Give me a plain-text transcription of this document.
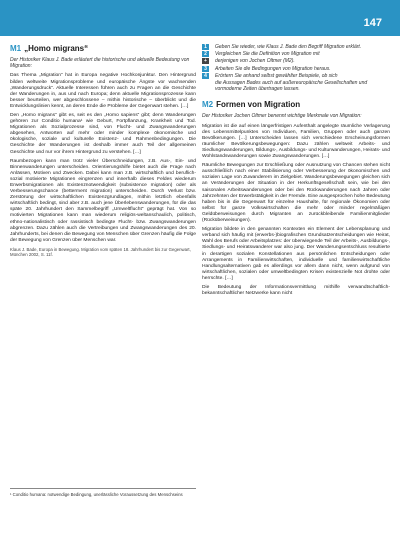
147
M1 „Homo migrans“

Der Historiker Klaus J. Bade erläutert die historische und aktuelle Bedeutung von Migration:

Das Thema „Migration“ hat in Europa negative Hochkonjunktur. Den Hintergrund bilden weltweite Migrationsprobleme und europäische Ängste vor wachsenden „Wanderungsdruck“. Aktuelle Interessen führen auch zu Fragen an die Geschichte der Wanderungen in, aus und nach Europa; denn aktuelle Migrationsprozesse kann besser beurteilen, wer abgeschlossene – mithin historische – überblickt und die Entwicklungslinien kennt, an deren Ende die Probleme der Gegenwart stehen. […]

Den „Homo migrans“ gibt es, seit es den „Homo sapiens“ gibt; denn Wanderungen gehören zur Conditio humana¹ wie Geburt, Fortpflanzung, Krankheit und Tod. Migrationen als Sozialprozesse sind, von Flucht- und Zwangswanderungen abgesehen, Antworten auf mehr oder minder komplexe ökonomische und ökologische, soziale und kulturelle Existenz- und Rahmenbedingungen. Die Geschichte der Wanderungen ist deshalb immer auch Teil der allgemeinen Geschichte und nur vor ihrem Hintergrund zu verstehen. […]

Raumbezogen kann man trotz vieler Überschneidungen, z.B. Aus-, Ein- und Binnenwanderungen unterscheiden. Orientierungshilfe bietet auch die Frage nach Anlässen, Motiven und Zwecken. Dabei kann man z.B. wirtschaftlich und beruflich-sozial motivierte Migrationen eingrenzen und innerhalb dieses Feldes wiederum Erwerbsmigrationen als Existenznotwendigkeit (subsistence migration) oder als Verbesserungschance (betterment migration) unterscheiden. Durch Verlust bzw. Zerstörung der wirtschaftlichen Existenzgrundlagen, mithin letztlich ebenfalls wirtschaftlich bedingt, sind aber z.B. auch jene Überlebenswanderungen, für die das späte 20. Jahrhundert den Sammelbegriff „Umweltflucht“ geprägt hat. Von so motivierten Migrationen kann man wiederum religiös-weltanschaulich, politisch, ethno-nationalistisch oder rassistisch bedingte Flucht- bzw. Zwangswanderungen abgrenzen. Dazu zählen auch die Vertreibungen und Zwangswanderungen des 20. Jahrhunderts, bei denen die Bewegung von Menschen über Grenzen häufig die Folge der Bewegung von Grenzen über Menschen war.

Klaus J. Bade, Europa in Bewegung. Migration vom späten 18. Jahrhundert bis zur Gegenwart, München 2002, S. 11f.

¹ Conditio humana: notwendige Bedingung, unerlässliche Voraussetzung des Menschseins
1	Geben Sie wieder, wie Klaus J. Bade den Begriff Migration erklärt.
2	Vergleichen Sie die Definition von Migration mit
+	derjenigen von Jochen Oltmer (M2).
3	Arbeiten Sie die Bedingungen von Migration heraus.
4	Erörtern Sie anhand selbst gewählter Beispiele, ob sich
die Aussagen Bades auch auf außereuropäische Gesellschaften und vormoderne Zeiten übertragen lassen.
M2 Formen von Migration

Der Historiker Jochen Oltmer benennt wichtige Merkmale von Migration:

Migration ist die auf einen längerfristigen Aufenthalt angelegte räumliche Verlagerung des Lebensmittelpunktes von Individuen, Familien, Gruppen oder auch ganzen Bevölkerungen. […] Unterscheiden lassen sich verschiedene Erscheinungsformen räumlicher Bevölkerungsbewegungen: Dazu zählen weltweit Arbeits- und Siedlungswanderungen, Bildungs-, Ausbildungs- und Kulturwanderungen, Heirats- und Wohlstandswanderungen sowie Zwangswanderungen. […]

Räumliche Bewegungen zur Erschließung oder Ausnutzung von Chancen stehen nicht ausschließlich nach einer Stabilisierung oder Verbesserung der ökonomischen und sozialen Lage von Zuwanderern im Zielgebiet. Wanderungsbewegungen gleichen sich an Veränderungen der Situation in der Herkunftsgesellschaft sein, wie bei den saisonalen Arbeitswanderungen oder bei den Rückwanderungen nach Jahren oder Jahrzehnten der Erwerbstätigkeit in der Fremde. Eine ausgesprochen hohe Bedeutung haben bis in die Gegenwart für einzelne Haushalte, für regionale Ökonomien oder selbst für ganze Volkswirtschaften die mehr oder minder regelmäßigen Geldüberweisungen durch Migranten an zurückbleibende Familienmitglieder (Rücküberweisungen).

Migration bildete in den genannten Kontexten ein Element der Lebensplanung und verband sich häufig mit (erwerbs-)biografischen Grundsatzentscheidungen wie Heirat, Wahl des Berufs oder Arbeitsplatzes: der überwiegende Teil der Arbeits-, Ausbildungs-, Siedlungs- und Heiratswanderer war also jung. Der Wanderungsentschluss resultierte in derartigen sozialen Konstellationen aus persönlichen Entscheidungen oder Arrangements in Familienwirtschaften, individuelle und familienwirtschaftliche Handlungsalternativen gab es allerdings vor allem dann nicht, wenn aufgrund von wirtschaftlichen, sozialen oder umweltbedingten Krisen existenzielle Not drohte oder herrschte. […]

Die Bedeutung der Informationsvermittlung mithilfe verwandtschaftlich-bekanntschaftlicher Netzwerke kann nicht
